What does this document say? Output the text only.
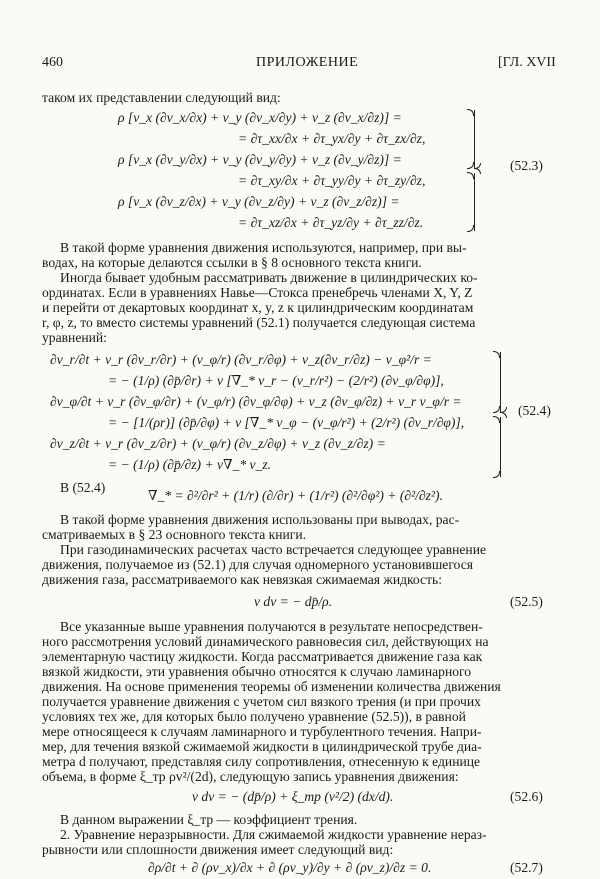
460	ПРИЛОЖЕНИЕ	[ГЛ. XVII
таком их представлении следующий вид:
ρ [v_x (∂v_x/∂x) + v_y (∂v_x/∂y) + v_z (∂v_x/∂z)] =
= ∂τ_xx/∂x + ∂τ_yx/∂y + ∂τ_zx/∂z,
ρ [v_x (∂v_y/∂x) + v_y (∂v_y/∂y) + v_z (∂v_y/∂z)] =
= ∂τ_xy/∂x + ∂τ_yy/∂y + ∂τ_zy/∂z,
ρ [v_x (∂v_z/∂x) + v_y (∂v_z/∂y) + v_z (∂v_z/∂z)] =
= ∂τ_xz/∂x + ∂τ_yz/∂y + ∂τ_zz/∂z.
(52.3)
В такой форме уравнения движения используются, например, при вы-
водах, на которые делаются ссылки в § 8 основного текста книги.
Иногда бывает удобным рассматривать движение в цилиндрических ко-
ординатах. Если в уравнениях Навье—Стокса пренебречь членами X, Y, Z
и перейти от декартовых координат x, y, z к цилиндрическим координатам
r, φ, z, то вместо системы уравнений (52.1) получается следующая система
уравнений:
∂v_r/∂t + v_r (∂v_r/∂r) + (v_φ/r) (∂v_r/∂φ) + v_z(∂v_r/∂z) − v_φ²/r =
= − (1/ρ) (∂p̄/∂r) + ν [∇_* v_r − (v_r/r²) − (2/r²) (∂v_φ/∂φ)],
∂v_φ/∂t + v_r (∂v_φ/∂r) + (v_φ/r) (∂v_φ/∂φ) + v_z (∂v_φ/∂z) + v_r v_φ/r =
= − [1/(ρr)] (∂p̄/∂φ) + ν [∇_* v_φ − (v_φ/r²) + (2/r²) (∂v_r/∂φ)],
∂v_z/∂t + v_r (∂v_z/∂r) + (v_φ/r) (∂v_z/∂φ) + v_z (∂v_z/∂z) =
= − (1/ρ) (∂p̄/∂z) + ν∇_* v_z.
(52.4)
В (52.4)
∇_* = ∂²/∂r² + (1/r) (∂/∂r) + (1/r²) (∂²/∂φ²) + (∂²/∂z²).
В такой форме уравнения движения использованы при выводах, рас-
сматриваемых в § 23 основного текста книги.
При газодинамических расчетах часто встречается следующее уравнение
движения, получаемое из (52.1) для случая одномерного установившегося
движения газа, рассматриваемого как невязкая сжимаемая жидкость:
v dv = − dp̄/ρ.	(52.5)
Все указанные выше уравнения получаются в результате непосредствен-
ного рассмотрения условий динамического равновесия сил, действующих на
элементарную частицу жидкости. Когда рассматривается движение газа как
вязкой жидкости, эти уравнения обычно относятся к случаю ламинарного
движения. На основе применения теоремы об изменении количества движения
получается уравнение движения с учетом сил вязкого трения (и при прочих
условиях тех же, для которых было получено уравнение (52.5)), в равной
мере относящееся к случаям ламинарного и турбулентного течения. Напри-
мер, для течения вязкой сжимаемой жидкости в цилиндрической трубе диа-
метра d получают, представляя силу сопротивления, отнесенную к единице
объема, в форме ξ_тр ρv²/(2d), следующую запись уравнения движения:
v dv = − (dp̄/ρ) + ξ_тр (v²/2) (dx/d).	(52.6)
В данном выражении ξ_тр — коэффициент трения.
2. Уравнение неразрывности. Для сжимаемой жидкости уравнение нераз-
рывности или сплошности движения имеет следующий вид:
∂ρ/∂t + ∂ (ρv_x)/∂x + ∂ (ρv_y)/∂y + ∂ (ρv_z)/∂z = 0.	(52.7)
